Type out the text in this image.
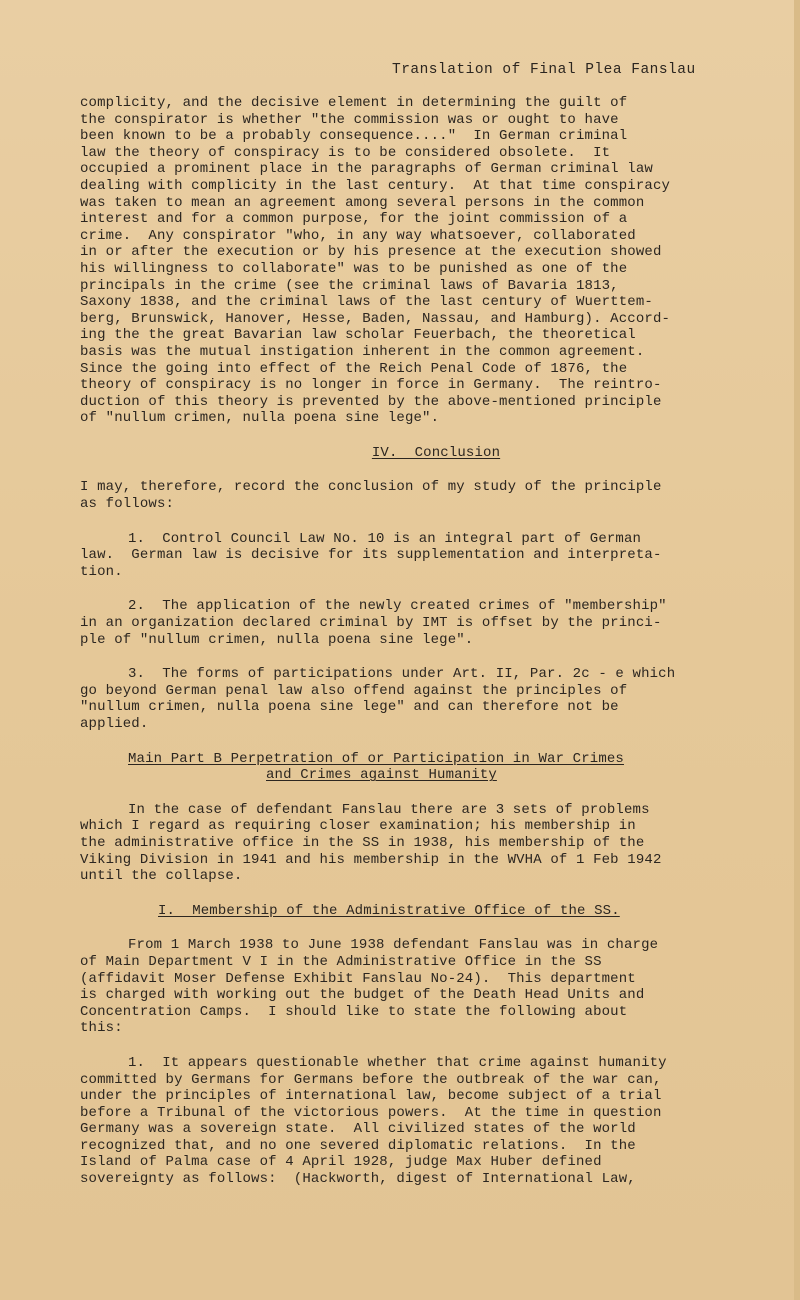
Translation of Final Plea Fanslau
complicity, and the decisive element in determining the guilt of
the conspirator is whether "the commission was or ought to have
been known to be a probably consequence...."  In German criminal
law the theory of conspiracy is to be considered obsolete.  It
occupied a prominent place in the paragraphs of German criminal law
dealing with complicity in the last century.  At that time conspiracy
was taken to mean an agreement among several persons in the common
interest and for a common purpose, for the joint commission of a
crime.  Any conspirator "who, in any way whatsoever, collaborated
in or after the execution or by his presence at the execution showed
his willingness to collaborate" was to be punished as one of the
principals in the crime (see the criminal laws of Bavaria 1813,
Saxony 1838, and the criminal laws of the last century of Wuerttem-
berg, Brunswick, Hanover, Hesse, Baden, Nassau, and Hamburg). Accord-
ing the the great Bavarian law scholar Feuerbach, the theoretical
basis was the mutual instigation inherent in the common agreement.
Since the going into effect of the Reich Penal Code of 1876, the
theory of conspiracy is no longer in force in Germany.  The reintro-
duction of this theory is prevented by the above-mentioned principle
of "nullum crimen, nulla poena sine lege".
IV.  Conclusion
I may, therefore, record the conclusion of my study of the principle
as follows:
1.  Control Council Law No. 10 is an integral part of German
law.  German law is decisive for its supplementation and interpreta-
tion.
2.  The application of the newly created crimes of "membership"
in an organization declared criminal by IMT is offset by the princi-
ple of "nullum crimen, nulla poena sine lege".
3.  The forms of participations under Art. II, Par. 2c - e which
go beyond German penal law also offend against the principles of
"nullum crimen, nulla poena sine lege" and can therefore not be
applied.
Main Part B Perpetration of or Participation in War Crimes
and Crimes against Humanity
In the case of defendant Fanslau there are 3 sets of problems
which I regard as requiring closer examination; his membership in
the administrative office in the SS in 1938, his membership of the
Viking Division in 1941 and his membership in the WVHA of 1 Feb 1942
until the collapse.
I.  Membership of the Administrative Office of the SS.
From 1 March 1938 to June 1938 defendant Fanslau was in charge
of Main Department V I in the Administrative Office in the SS
(affidavit Moser Defense Exhibit Fanslau No-24).  This department
is charged with working out the budget of the Death Head Units and
Concentration Camps.  I should like to state the following about
this:
1.  It appears questionable whether that crime against humanity
committed by Germans for Germans before the outbreak of the war can,
under the principles of international law, become subject of a trial
before a Tribunal of the victorious powers.  At the time in question
Germany was a sovereign state.  All civilized states of the world
recognized that, and no one severed diplomatic relations.  In the
Island of Palma case of 4 April 1928, judge Max Huber defined
sovereignty as follows:  (Hackworth, digest of International Law,
